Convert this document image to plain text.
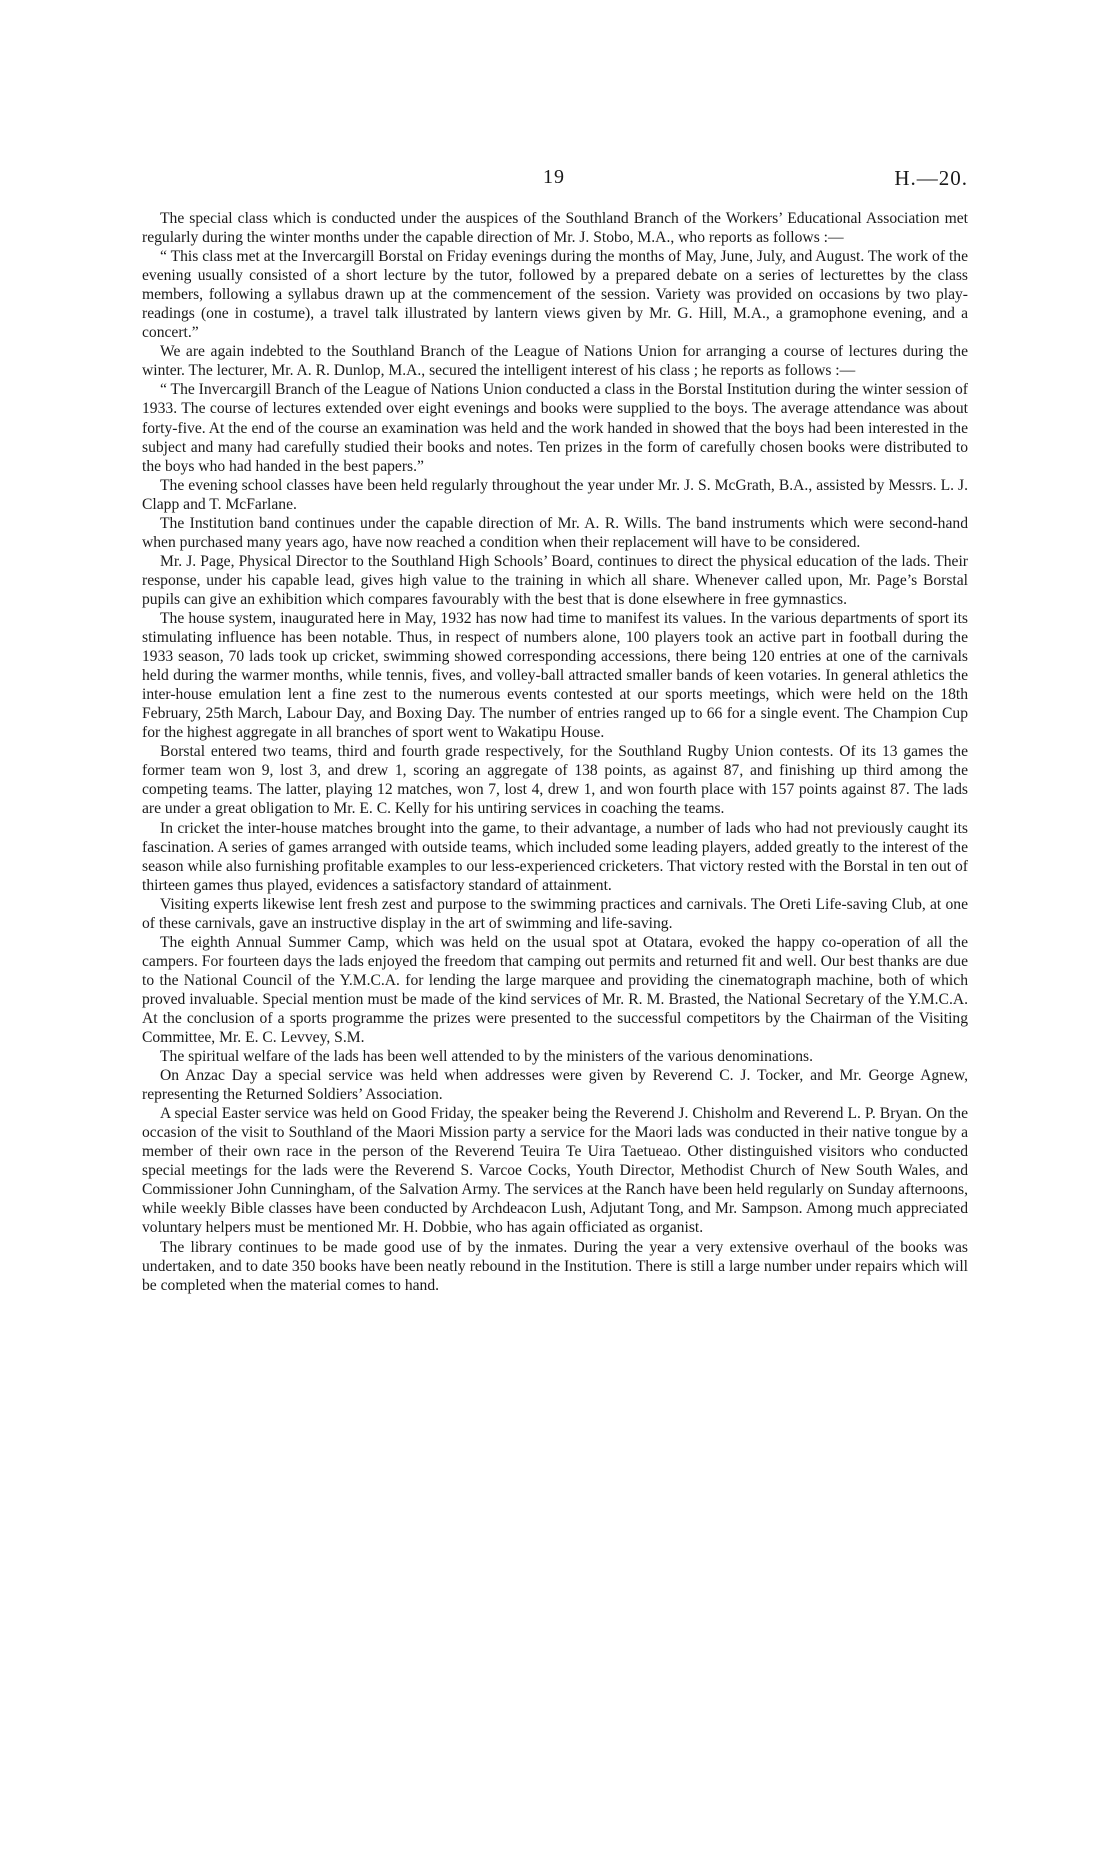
19	H.—20.

The special class which is conducted under the auspices of the Southland Branch of the Workers’ Educational Association met regularly during the winter months under the capable direction of Mr. J. Stobo, M.A., who reports as follows :—

“ This class met at the Invercargill Borstal on Friday evenings during the months of May, June, July, and August. The work of the evening usually consisted of a short lecture by the tutor, followed by a prepared debate on a series of lecturettes by the class members, following a syllabus drawn up at the commencement of the session. Variety was provided on occasions by two play-readings (one in costume), a travel talk illustrated by lantern views given by Mr. G. Hill, M.A., a gramophone evening, and a concert.”

We are again indebted to the Southland Branch of the League of Nations Union for arranging a course of lectures during the winter. The lecturer, Mr. A. R. Dunlop, M.A., secured the intelligent interest of his class ; he reports as follows :—

“ The Invercargill Branch of the League of Nations Union conducted a class in the Borstal Institution during the winter session of 1933. The course of lectures extended over eight evenings and books were supplied to the boys. The average attendance was about forty-five. At the end of the course an examination was held and the work handed in showed that the boys had been interested in the subject and many had carefully studied their books and notes. Ten prizes in the form of carefully chosen books were distributed to the boys who had handed in the best papers.”

The evening school classes have been held regularly throughout the year under Mr. J. S. McGrath, B.A., assisted by Messrs. L. J. Clapp and T. McFarlane.

The Institution band continues under the capable direction of Mr. A. R. Wills. The band instruments which were second-hand when purchased many years ago, have now reached a condition when their replacement will have to be considered.

Mr. J. Page, Physical Director to the Southland High Schools’ Board, continues to direct the physical education of the lads. Their response, under his capable lead, gives high value to the training in which all share. Whenever called upon, Mr. Page’s Borstal pupils can give an exhibition which compares favourably with the best that is done elsewhere in free gymnastics.

The house system, inaugurated here in May, 1932 has now had time to manifest its values. In the various departments of sport its stimulating influence has been notable. Thus, in respect of numbers alone, 100 players took an active part in football during the 1933 season, 70 lads took up cricket, swimming showed corresponding accessions, there being 120 entries at one of the carnivals held during the warmer months, while tennis, fives, and volley-ball attracted smaller bands of keen votaries. In general athletics the inter-house emulation lent a fine zest to the numerous events contested at our sports meetings, which were held on the 18th February, 25th March, Labour Day, and Boxing Day. The number of entries ranged up to 66 for a single event. The Champion Cup for the highest aggregate in all branches of sport went to Wakatipu House.

Borstal entered two teams, third and fourth grade respectively, for the Southland Rugby Union contests. Of its 13 games the former team won 9, lost 3, and drew 1, scoring an aggregate of 138 points, as against 87, and finishing up third among the competing teams. The latter, playing 12 matches, won 7, lost 4, drew 1, and won fourth place with 157 points against 87. The lads are under a great obligation to Mr. E. C. Kelly for his untiring services in coaching the teams.

In cricket the inter-house matches brought into the game, to their advantage, a number of lads who had not previously caught its fascination. A series of games arranged with outside teams, which included some leading players, added greatly to the interest of the season while also furnishing profitable examples to our less-experienced cricketers. That victory rested with the Borstal in ten out of thirteen games thus played, evidences a satisfactory standard of attainment.

Visiting experts likewise lent fresh zest and purpose to the swimming practices and carnivals. The Oreti Life-saving Club, at one of these carnivals, gave an instructive display in the art of swimming and life-saving.

The eighth Annual Summer Camp, which was held on the usual spot at Otatara, evoked the happy co-operation of all the campers. For fourteen days the lads enjoyed the freedom that camping out permits and returned fit and well. Our best thanks are due to the National Council of the Y.M.C.A. for lending the large marquee and providing the cinematograph machine, both of which proved invaluable. Special mention must be made of the kind services of Mr. R. M. Brasted, the National Secretary of the Y.M.C.A. At the conclusion of a sports programme the prizes were presented to the successful competitors by the Chairman of the Visiting Committee, Mr. E. C. Levvey, S.M.

The spiritual welfare of the lads has been well attended to by the ministers of the various denominations.

On Anzac Day a special service was held when addresses were given by Reverend C. J. Tocker, and Mr. George Agnew, representing the Returned Soldiers’ Association.

A special Easter service was held on Good Friday, the speaker being the Reverend J. Chisholm and Reverend L. P. Bryan. On the occasion of the visit to Southland of the Maori Mission party a service for the Maori lads was conducted in their native tongue by a member of their own race in the person of the Reverend Teuira Te Uira Taetueao. Other distinguished visitors who conducted special meetings for the lads were the Reverend S. Varcoe Cocks, Youth Director, Methodist Church of New South Wales, and Commissioner John Cunningham, of the Salvation Army. The services at the Ranch have been held regularly on Sunday afternoons, while weekly Bible classes have been conducted by Archdeacon Lush, Adjutant Tong, and Mr. Sampson. Among much appreciated voluntary helpers must be mentioned Mr. H. Dobbie, who has again officiated as organist.

The library continues to be made good use of by the inmates. During the year a very extensive overhaul of the books was undertaken, and to date 350 books have been neatly rebound in the Institution. There is still a large number under repairs which will be completed when the material comes to hand.
